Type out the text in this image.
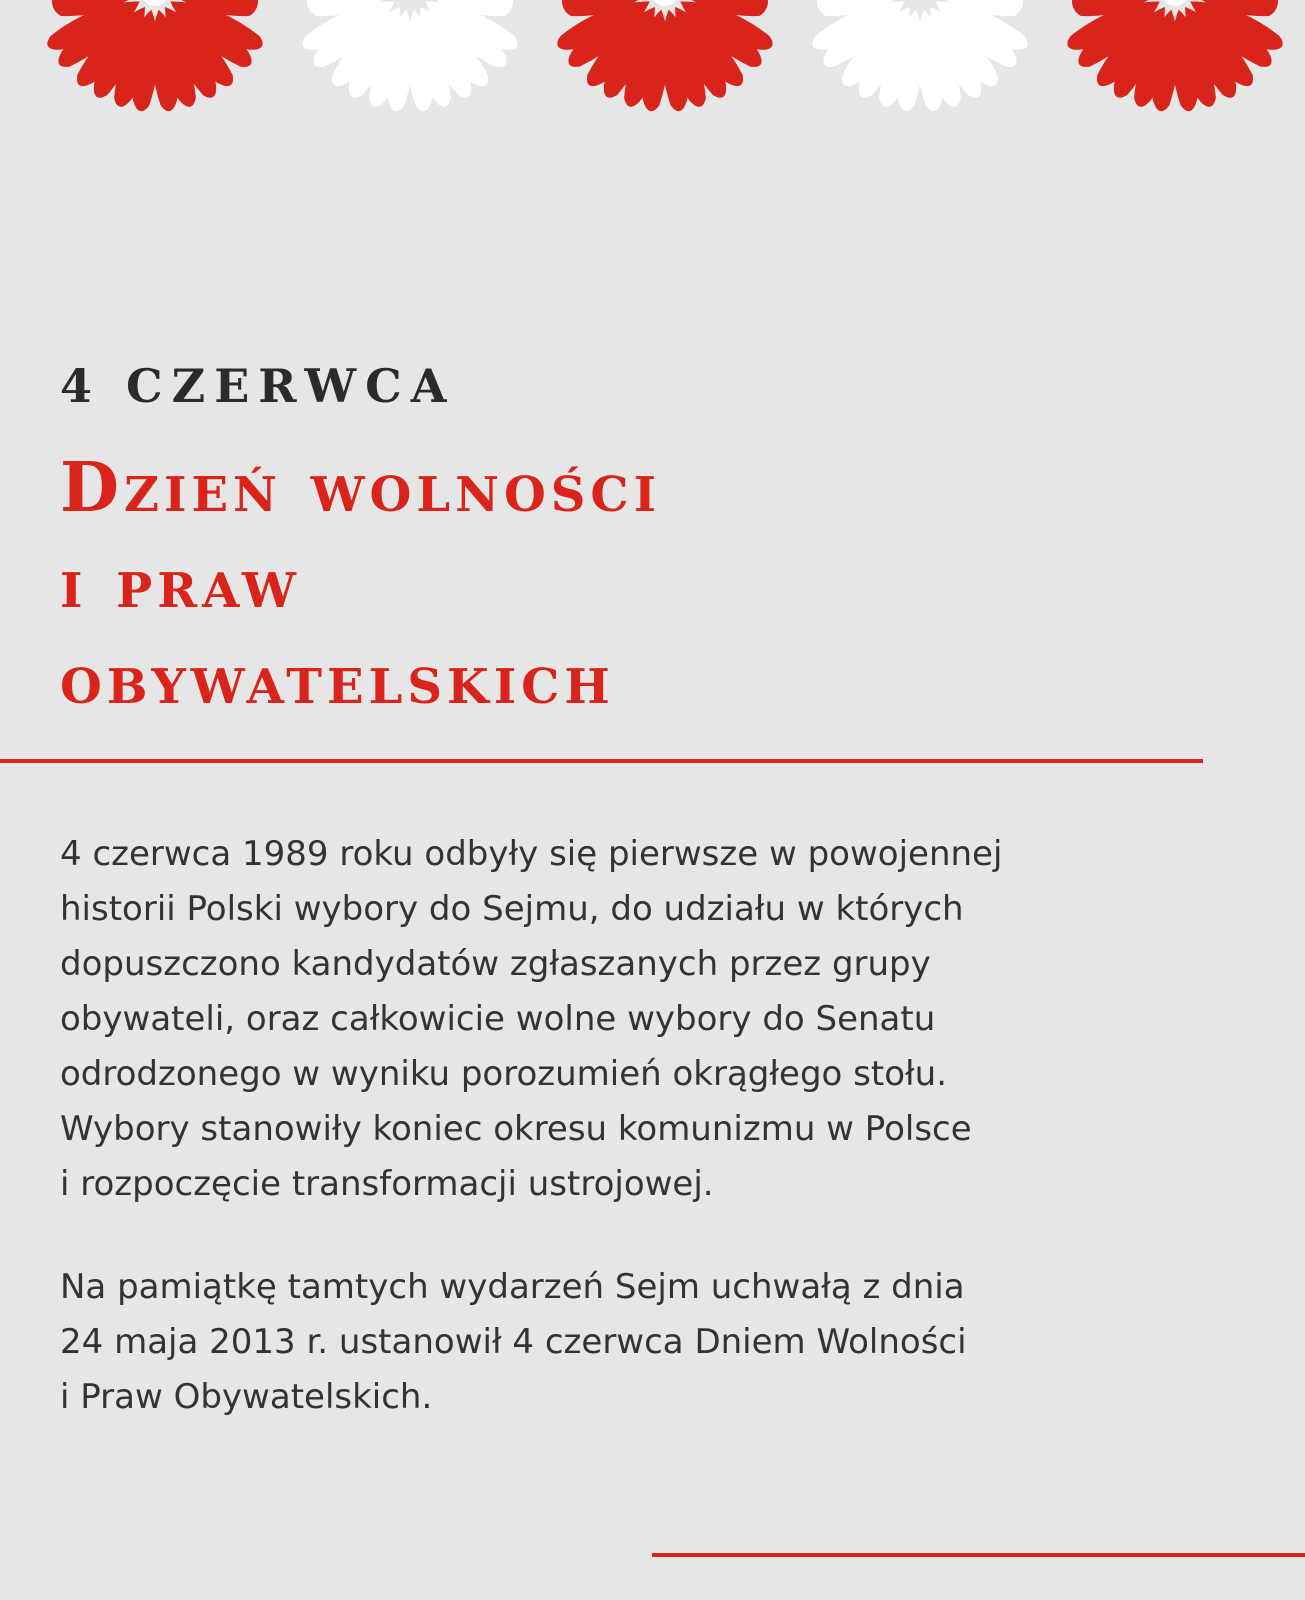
4 CZERWCA
Dzień wolności
i praw
obywatelskich
4 czerwca 1989 roku odbyły się pierwsze w powojennej
historii Polski wybory do Sejmu, do udziału w których
dopuszczono kandydatów zgłaszanych przez grupy
obywateli, oraz całkowicie wolne wybory do Senatu
odrodzonego w wyniku porozumień okrągłego stołu.
Wybory stanowiły koniec okresu komunizmu w Polsce
i rozpoczęcie transformacji ustrojowej.
Na pamiątkę tamtych wydarzeń Sejm uchwałą z dnia
24 maja 2013 r. ustanowił 4 czerwca Dniem Wolności
i Praw Obywatelskich.
